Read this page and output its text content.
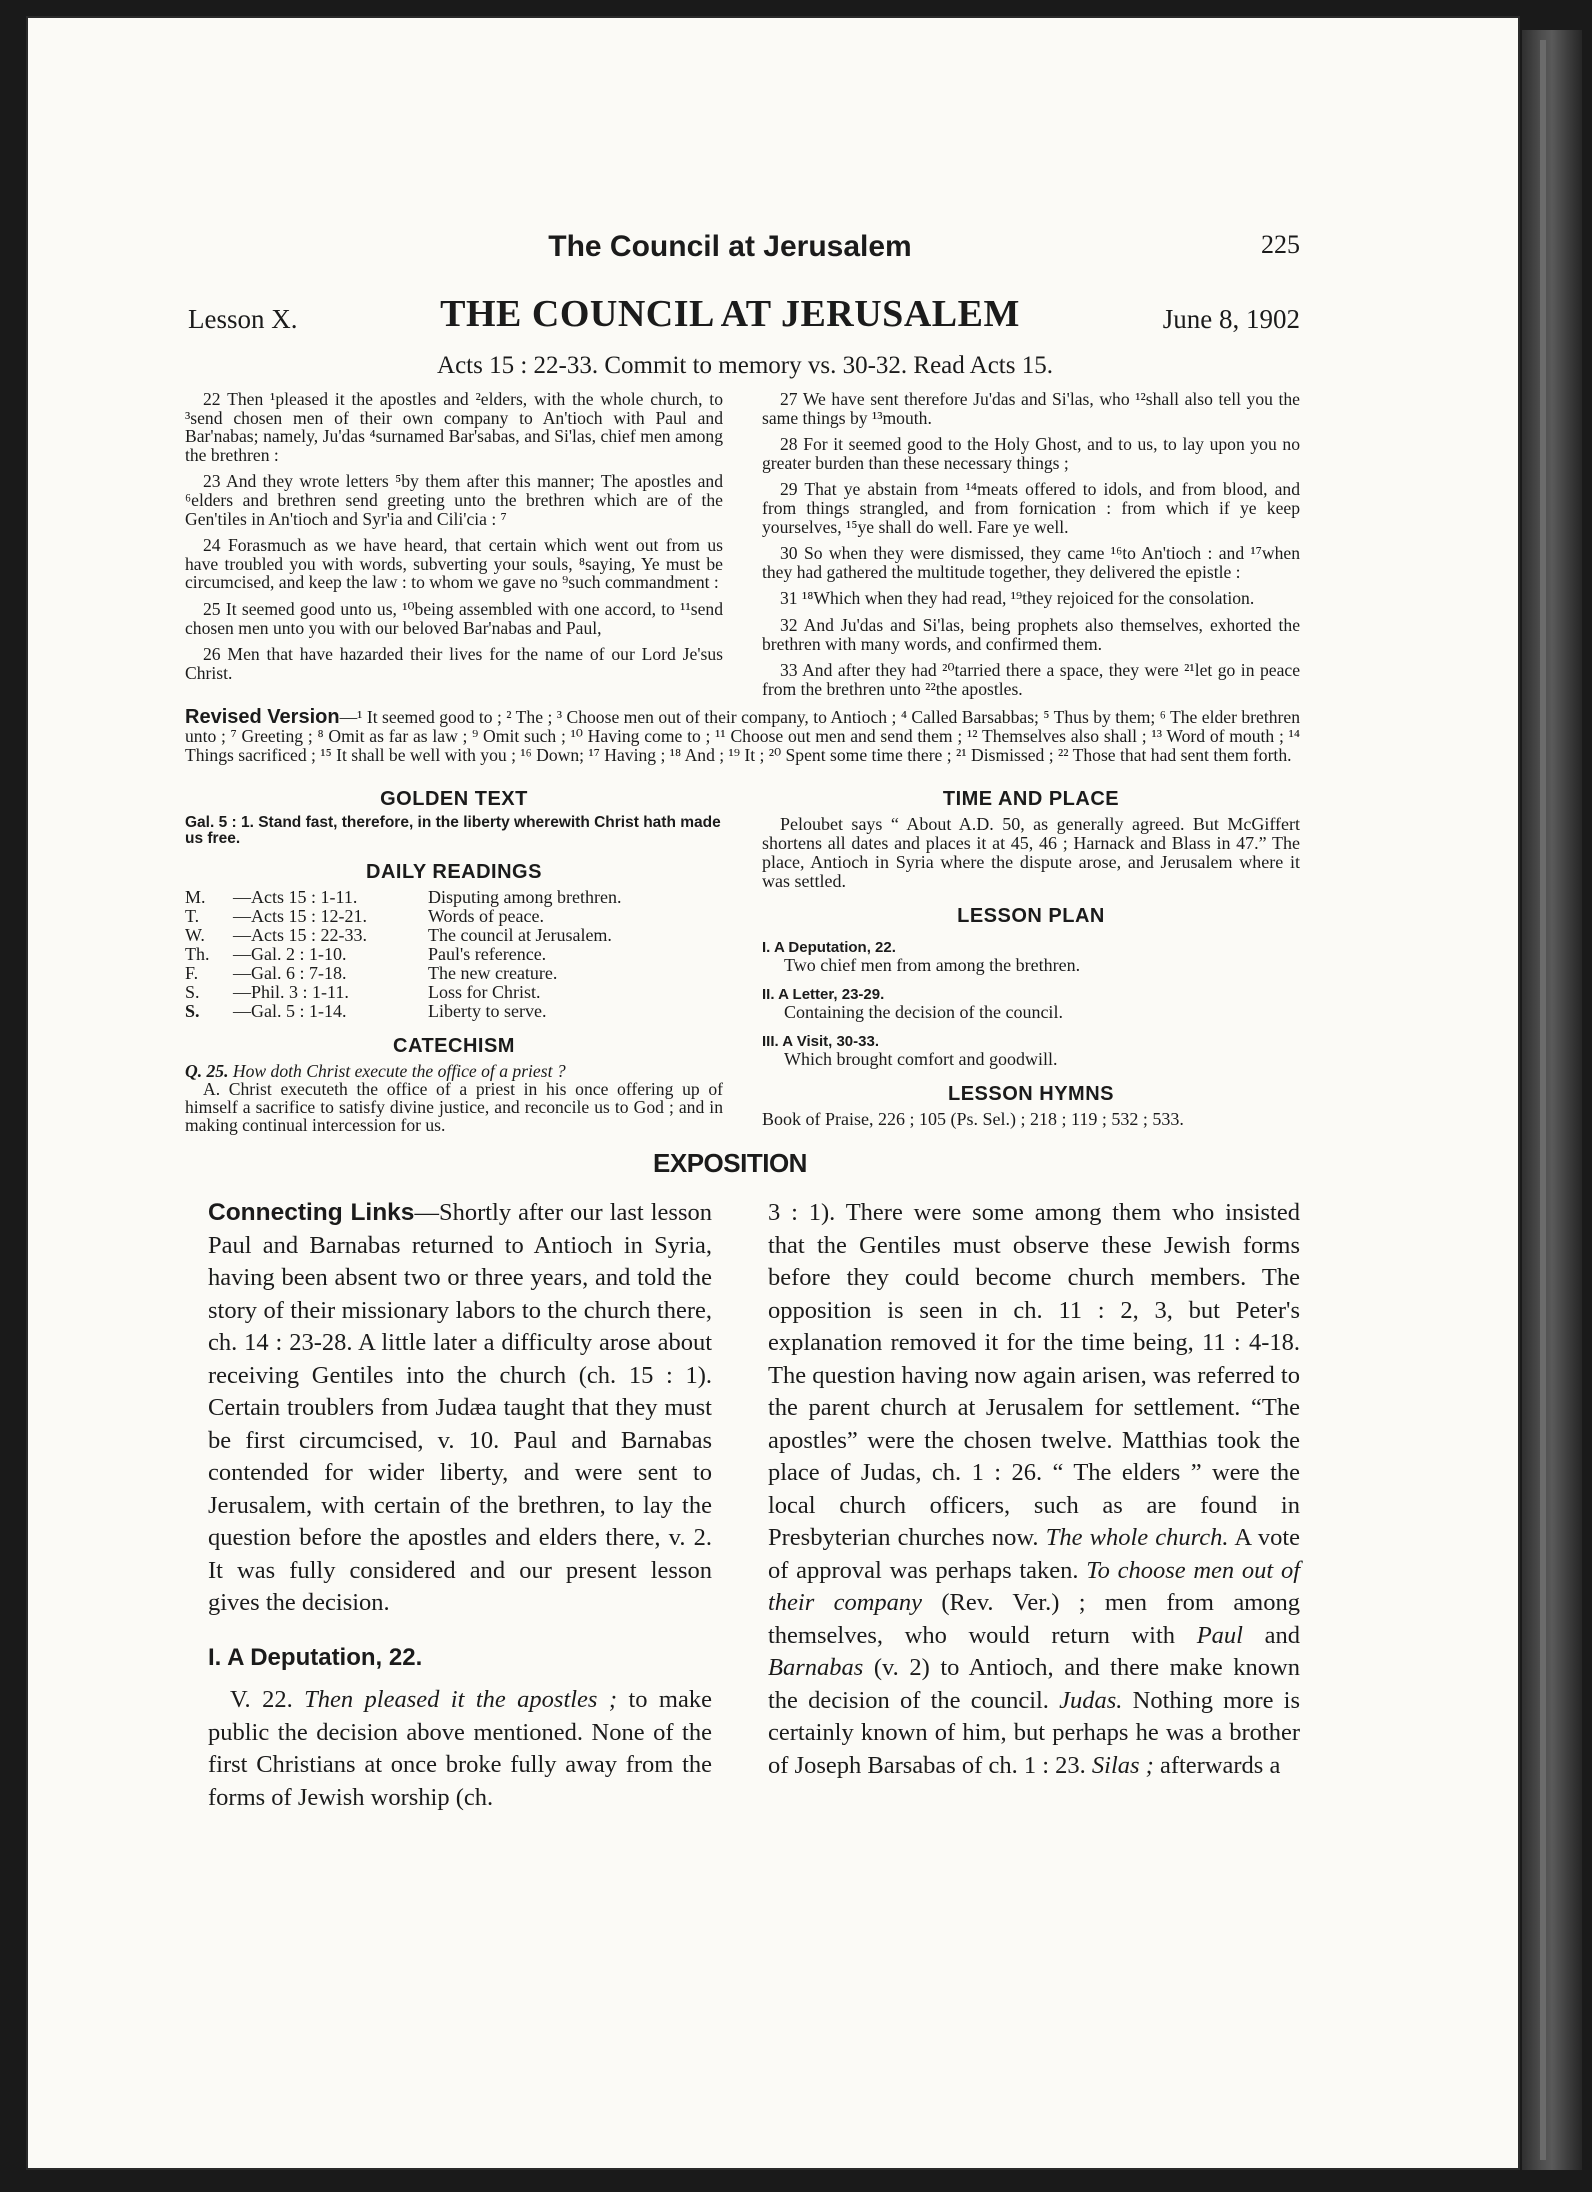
The Council at Jerusalem	225
Lesson X.	THE COUNCIL AT JERUSALEM	June 8, 1902
Acts 15 : 22-33. Commit to memory vs. 30-32. Read Acts 15.

22 Then ¹pleased it the apostles and ²elders, with the whole church, to ³send chosen men of their own company to An'tioch with Paul and Bar'nabas; namely, Ju'das ⁴surnamed Bar'sabas, and Si'las, chief men among the brethren :

23 And they wrote letters ⁵by them after this manner; The apostles and ⁶elders and brethren send greeting unto the brethren which are of the Gen'tiles in An'tioch and Syr'ia and Cili'cia : ⁷

24 Forasmuch as we have heard, that certain which went out from us have troubled you with words, subverting your souls, ⁸saying, Ye must be circumcised, and keep the law : to whom we gave no ⁹such commandment :

25 It seemed good unto us, ¹⁰being assembled with one accord, to ¹¹send chosen men unto you with our beloved Bar'nabas and Paul,

26 Men that have hazarded their lives for the name of our Lord Je'sus Christ.

27 We have sent therefore Ju'das and Si'las, who ¹²shall also tell you the same things by ¹³mouth.

28 For it seemed good to the Holy Ghost, and to us, to lay upon you no greater burden than these necessary things ;

29 That ye abstain from ¹⁴meats offered to idols, and from blood, and from things strangled, and from fornication : from which if ye keep yourselves, ¹⁵ye shall do well. Fare ye well.

30 So when they were dismissed, they came ¹⁶to An'tioch : and ¹⁷when they had gathered the multitude together, they delivered the epistle :

31 ¹⁸Which when they had read, ¹⁹they rejoiced for the consolation.

32 And Ju'das and Si'las, being prophets also themselves, exhorted the brethren with many words, and confirmed them.

33 And after they had ²⁰tarried there a space, they were ²¹let go in peace from the brethren unto ²²the apostles.

Revised Version—¹ It seemed good to ; ² The ; ³ Choose men out of their company, to Antioch ; ⁴ Called Barsabbas; ⁵ Thus by them; ⁶ The elder brethren unto ; ⁷ Greeting ; ⁸ Omit as far as law ; ⁹ Omit such ; ¹⁰ Having come to ; ¹¹ Choose out men and send them ; ¹² Themselves also shall ; ¹³ Word of mouth ; ¹⁴ Things sacrificed ; ¹⁵ It shall be well with you ; ¹⁶ Down; ¹⁷ Having ; ¹⁸ And ; ¹⁹ It ; ²⁰ Spent some time there ; ²¹ Dismissed ; ²² Those that had sent them forth.

GOLDEN TEXT
Gal. 5 : 1. Stand fast, therefore, in the liberty wherewith Christ hath made us free.
DAILY READINGS
M.	—Acts 15 : 1-11.	Disputing among brethren.
T.	—Acts 15 : 12-21.	Words of peace.
W.	—Acts 15 : 22-33.	The council at Jerusalem.
Th.	—Gal. 2 : 1-10.	Paul's reference.
F.	—Gal. 6 : 7-18.	The new creature.
S.	—Phil. 3 : 1-11.	Loss for Christ.
S.	—Gal. 5 : 1-14.	Liberty to serve.
CATECHISM
Q. 25. How doth Christ execute the office of a priest ?
A. Christ executeth the office of a priest in his once offering up of himself a sacrifice to satisfy divine justice, and reconcile us to God ; and in making continual intercession for us.
TIME AND PLACE
Peloubet says “ About A.D. 50, as generally agreed. But McGiffert shortens all dates and places it at 45, 46 ; Harnack and Blass in 47.” The place, Antioch in Syria where the dispute arose, and Jerusalem where it was settled.
LESSON PLAN
I. A Deputation, 22.
Two chief men from among the brethren.
II. A Letter, 23-29.
Containing the decision of the council.
III. A Visit, 30-33.
Which brought comfort and goodwill.
LESSON HYMNS
Book of Praise, 226 ; 105 (Ps. Sel.) ; 218 ; 119 ; 532 ; 533.
EXPOSITION

Connecting Links—Shortly after our last lesson Paul and Barnabas returned to Antioch in Syria, having been absent two or three years, and told the story of their missionary labors to the church there, ch. 14 : 23-28. A little later a difficulty arose about receiving Gentiles into the church (ch. 15 : 1). Certain troublers from Judæa taught that they must be first circumcised, v. 10. Paul and Barnabas contended for wider liberty, and were sent to Jerusalem, with certain of the brethren, to lay the question before the apostles and elders there, v. 2. It was fully considered and our present lesson gives the decision.

I. A Deputation, 22.

V. 22. Then pleased it the apostles ; to make public the decision above mentioned. None of the first Christians at once broke fully away from the forms of Jewish worship (ch.

3 : 1). There were some among them who insisted that the Gentiles must observe these Jewish forms before they could become church members. The opposition is seen in ch. 11 : 2, 3, but Peter's explanation removed it for the time being, 11 : 4-18. The question having now again arisen, was referred to the parent church at Jerusalem for settlement. “The apostles” were the chosen twelve. Matthias took the place of Judas, ch. 1 : 26. “ The elders ” were the local church officers, such as are found in Presbyterian churches now. The whole church. A vote of approval was perhaps taken. To choose men out of their company (Rev. Ver.) ; men from among themselves, who would return with Paul and Barnabas (v. 2) to Antioch, and there make known the decision of the council. Judas. Nothing more is certainly known of him, but perhaps he was a brother of Joseph Barsabas of ch. 1 : 23. Silas ; afterwards a
